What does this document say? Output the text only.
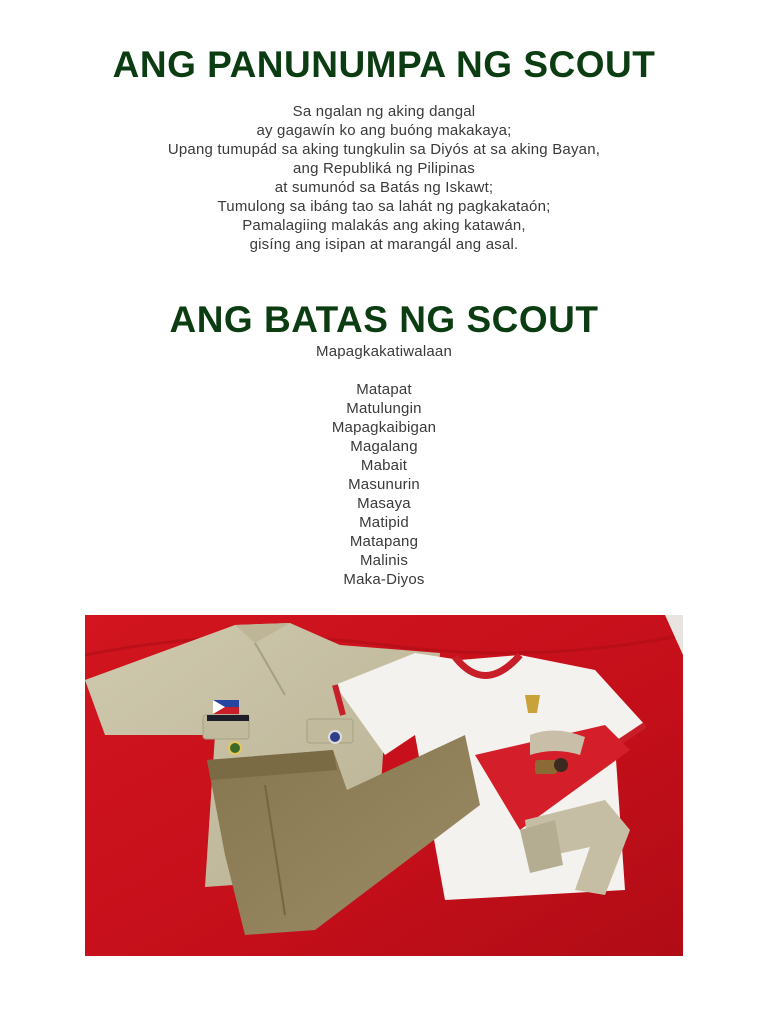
ANG PANUNUMPA NG SCOUT
Sa ngalan ng aking dangal
ay gagawín ko ang buóng makakaya;
Upang tumupád sa aking tungkulin sa Diyós at sa aking Bayan,
ang Republiká ng Pilipinas
at sumunód sa Batás ng Iskawt;
Tumulong sa ibáng tao sa lahát ng pagkakataón;
Pamalagiing malakás ang aking katawán,
gisíng ang isipan at marangál ang asal.
ANG BATAS NG SCOUT
Mapagkakatiwalaan
Matapat
Matulungin
Mapagkaibigan
Magalang
Mabait
Masunurin
Masaya
Matipid
Matapang
Malinis
Maka-Diyos
